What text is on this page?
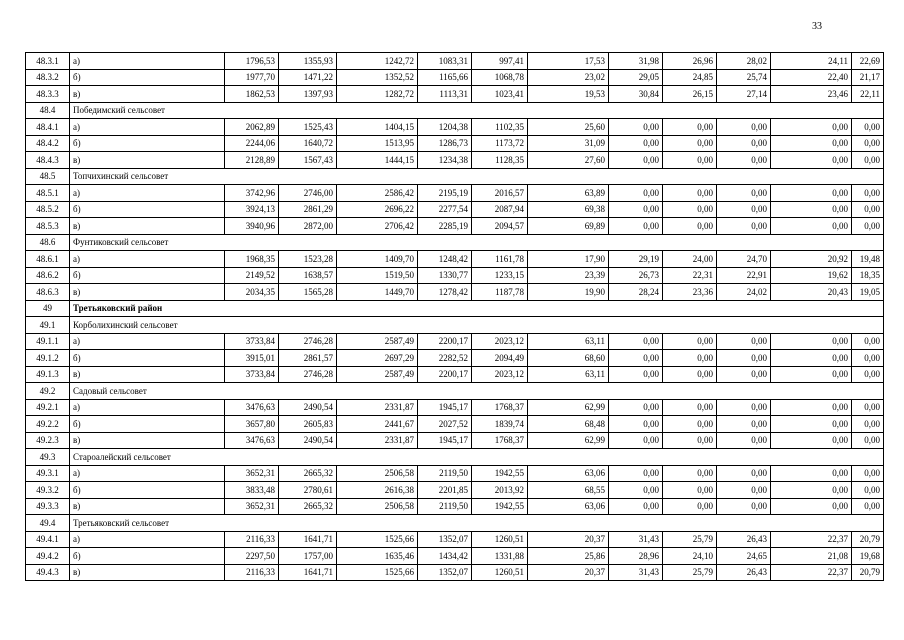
33
48.3.1	а)	1796,53	1355,93	1242,72	1083,31	997,41	17,53	31,98	26,96	28,02	24,11	22,69
48.3.2	б)	1977,70	1471,22	1352,52	1165,66	1068,78	23,02	29,05	24,85	25,74	22,40	21,17
48.3.3	в)	1862,53	1397,93	1282,72	1113,31	1023,41	19,53	30,84	26,15	27,14	23,46	22,11
48.4	Победимский сельсовет											
48.4.1	а)	2062,89	1525,43	1404,15	1204,38	1102,35	25,60	0,00	0,00	0,00	0,00	0,00
48.4.2	б)	2244,06	1640,72	1513,95	1286,73	1173,72	31,09	0,00	0,00	0,00	0,00	0,00
48.4.3	в)	2128,89	1567,43	1444,15	1234,38	1128,35	27,60	0,00	0,00	0,00	0,00	0,00
48.5	Топчихинский сельсовет											
48.5.1	а)	3742,96	2746,00	2586,42	2195,19	2016,57	63,89	0,00	0,00	0,00	0,00	0,00
48.5.2	б)	3924,13	2861,29	2696,22	2277,54	2087,94	69,38	0,00	0,00	0,00	0,00	0,00
48.5.3	в)	3940,96	2872,00	2706,42	2285,19	2094,57	69,89	0,00	0,00	0,00	0,00	0,00
48.6	Фунтиковский сельсовет											
48.6.1	а)	1968,35	1523,28	1409,70	1248,42	1161,78	17,90	29,19	24,00	24,70	20,92	19,48
48.6.2	б)	2149,52	1638,57	1519,50	1330,77	1233,15	23,39	26,73	22,31	22,91	19,62	18,35
48.6.3	в)	2034,35	1565,28	1449,70	1278,42	1187,78	19,90	28,24	23,36	24,02	20,43	19,05
49	Третьяковский район											
49.1	Корболихинский сельсовет											
49.1.1	а)	3733,84	2746,28	2587,49	2200,17	2023,12	63,11	0,00	0,00	0,00	0,00	0,00
49.1.2	б)	3915,01	2861,57	2697,29	2282,52	2094,49	68,60	0,00	0,00	0,00	0,00	0,00
49.1.3	в)	3733,84	2746,28	2587,49	2200,17	2023,12	63,11	0,00	0,00	0,00	0,00	0,00
49.2	Садовый сельсовет											
49.2.1	а)	3476,63	2490,54	2331,87	1945,17	1768,37	62,99	0,00	0,00	0,00	0,00	0,00
49.2.2	б)	3657,80	2605,83	2441,67	2027,52	1839,74	68,48	0,00	0,00	0,00	0,00	0,00
49.2.3	в)	3476,63	2490,54	2331,87	1945,17	1768,37	62,99	0,00	0,00	0,00	0,00	0,00
49.3	Староалейский сельсовет											
49.3.1	а)	3652,31	2665,32	2506,58	2119,50	1942,55	63,06	0,00	0,00	0,00	0,00	0,00
49.3.2	б)	3833,48	2780,61	2616,38	2201,85	2013,92	68,55	0,00	0,00	0,00	0,00	0,00
49.3.3	в)	3652,31	2665,32	2506,58	2119,50	1942,55	63,06	0,00	0,00	0,00	0,00	0,00
49.4	Третьяковский сельсовет											
49.4.1	а)	2116,33	1641,71	1525,66	1352,07	1260,51	20,37	31,43	25,79	26,43	22,37	20,79
49.4.2	б)	2297,50	1757,00	1635,46	1434,42	1331,88	25,86	28,96	24,10	24,65	21,08	19,68
49.4.3	в)	2116,33	1641,71	1525,66	1352,07	1260,51	20,37	31,43	25,79	26,43	22,37	20,79
